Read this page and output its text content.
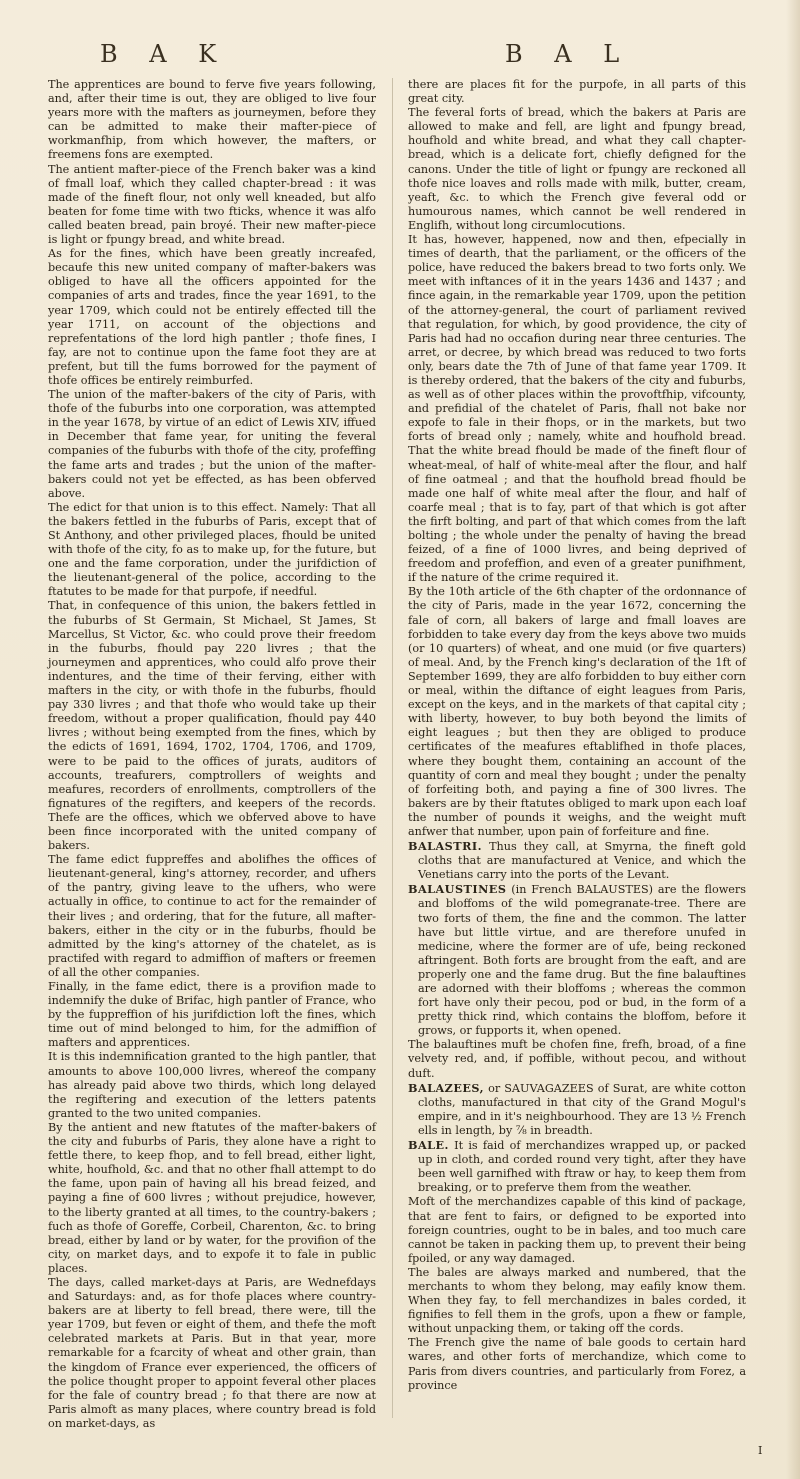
B A K	B A L

The apprentices are bound to ferve five years following, and, after their time is out, they are obliged to live four years more with the mafters as journeymen, before they can be admitted to make their mafter-piece of workmanfhip, from which however, the mafters, or freemens fons are exempted.

The antient mafter-piece of the French baker was a kind of fmall loaf, which they called chapter-bread : it was made of the fineft flour, not only well kneaded, but alfo beaten for fome time with two fticks, whence it was alfo called beaten bread, pain broyé. Their new mafter-piece is light or fpungy bread, and white bread.

As for the fines, which have been greatly increafed, becaufe this new united company of mafter-bakers was obliged to have all the officers appointed for the companies of arts and trades, fince the year 1691, to the year 1709, which could not be entirely effected till the year 1711, on account of the objections and reprefentations of the lord high pantler ; thofe fines, I fay, are not to continue upon the fame foot they are at prefent, but till the fums borrowed for the payment of thofe offices be entirely reimburfed.

The union of the mafter-bakers of the city of Paris, with thofe of the fuburbs into one corporation, was attempted in the year 1678, by virtue of an edict of Lewis XIV, iffued in December that fame year, for uniting the feveral companies of the fuburbs with thofe of the city, profeffing the fame arts and trades ; but the union of the mafter-bakers could not yet be effected, as has been obferved above.

The edict for that union is to this effect. Namely: That all the bakers fettled in the fuburbs of Paris, except that of St Anthony, and other privileged places, fhould be united with thofe of the city, fo as to make up, for the future, but one and the fame corporation, under the jurifdiction of the lieutenant-general of the police, according to the ftatutes to be made for that purpofe, if needful.

That, in confequence of this union, the bakers fettled in the fuburbs of St Germain, St Michael, St James, St Marcellus, St Victor, &c. who could prove their freedom in the fuburbs, fhould pay 220 livres ; that the journeymen and apprentices, who could alfo prove their indentures, and the time of their ferving, either with mafters in the city, or with thofe in the fuburbs, fhould pay 330 livres ; and that thofe who would take up their freedom, without a proper qualification, fhould pay 440 livres ; without being exempted from the fines, which by the edicts of 1691, 1694, 1702, 1704, 1706, and 1709, were to be paid to the offices of jurats, auditors of accounts, treafurers, comptrollers of weights and meafures, recorders of enrollments, comptrollers of the fignatures of the regifters, and keepers of the records. Thefe are the offices, which we obferved above to have been fince incorporated with the united company of bakers.

The fame edict fuppreffes and abolifhes the offices of lieutenant-general, king's attorney, recorder, and ufhers of the pantry, giving leave to the ufhers, who were actually in office, to continue to act for the remainder of their lives ; and ordering, that for the future, all mafter-bakers, either in the city or in the fuburbs, fhould be admitted by the king's attorney of the chatelet, as is practifed with regard to admiffion of mafters or freemen of all the other companies.

Finally, in the fame edict, there is a provifion made to indemnify the duke of Brifac, high pantler of France, who by the fuppreffion of his jurifdiction loft the fines, which time out of mind belonged to him, for the admiffion of mafters and apprentices.

It is this indemnification granted to the high pantler, that amounts to above 100,000 livres, whereof the company has already paid above two thirds, which long delayed the regiftering and execution of the letters patents granted to the two united companies.

By the antient and new ftatutes of the mafter-bakers of the city and fuburbs of Paris, they alone have a right to fettle there, to keep fhop, and to fell bread, either light, white, houfhold, &c. and that no other fhall attempt to do the fame, upon pain of having all his bread feized, and paying a fine of 600 livres ; without prejudice, however, to the liberty granted at all times, to the country-bakers ; fuch as thofe of Goreffe, Corbeil, Charenton, &c. to bring bread, either by land or by water, for the provifion of the city, on market days, and to expofe it to fale in public places.

The days, called market-days at Paris, are Wednefdays and Saturdays: and, as for thofe places where country-bakers are at liberty to fell bread, there were, till the year 1709, but feven or eight of them, and thefe the moft celebrated markets at Paris. But in that year, more remarkable for a fcarcity of wheat and other grain, than the kingdom of France ever experienced, the officers of the police thought proper to appoint feveral other places for the fale of country bread ; fo that there are now at Paris almoft as many places, where country bread is fold on market-days, as

there are places fit for the purpofe, in all parts of this great city.

The feveral forts of bread, which the bakers at Paris are allowed to make and fell, are light and fpungy bread, houfhold and white bread, and what they call chapter-bread, which is a delicate fort, chiefly defigned for the canons. Under the title of light or fpungy are reckoned all thofe nice loaves and rolls made with milk, butter, cream, yeaft, &c. to which the French give feveral odd or humourous names, which cannot be well rendered in Englifh, without long circumlocutions.

It has, however, happened, now and then, efpecially in times of dearth, that the parliament, or the officers of the police, have reduced the bakers bread to two forts only. We meet with inftances of it in the years 1436 and 1437 ; and fince again, in the remarkable year 1709, upon the petition of the attorney-general, the court of parliament revived that regulation, for which, by good providence, the city of Paris had had no occafion during near three centuries. The arret, or decree, by which bread was reduced to two forts only, bears date the 7th of June of that fame year 1709. It is thereby ordered, that the bakers of the city and fuburbs, as well as of other places within the provoftfhip, vifcounty, and prefidial of the chatelet of Paris, fhall not bake nor expofe to fale in their fhops, or in the markets, but two forts of bread only ; namely, white and houfhold bread. That the white bread fhould be made of the fineft flour of wheat-meal, of half of white-meal after the flour, and half of fine oatmeal ; and that the houfhold bread fhould be made one half of white meal after the flour, and half of coarfe meal ; that is to fay, part of that which is got after the firft bolting, and part of that which comes from the laft bolting ; the whole under the penalty of having the bread feized, of a fine of 1000 livres, and being deprived of freedom and profeffion, and even of a greater punifhment, if the nature of the crime required it.

By the 10th article of the 6th chapter of the ordonnance of the city of Paris, made in the year 1672, concerning the fale of corn, all bakers of large and fmall loaves are forbidden to take every day from the keys above two muids (or 10 quarters) of wheat, and one muid (or five quarters) of meal. And, by the French king's declaration of the 1ft of September 1699, they are alfo forbidden to buy either corn or meal, within the diftance of eight leagues from Paris, except on the keys, and in the markets of that capital city ; with liberty, however, to buy both beyond the limits of eight leagues ; but then they are obliged to produce certificates of the meafures eftablifhed in thofe places, where they bought them, containing an account of the quantity of corn and meal they bought ; under the penalty of forfeiting both, and paying a fine of 300 livres. The bakers are by their ftatutes obliged to mark upon each loaf the number of pounds it weighs, and the weight muft anfwer that number, upon pain of forfeiture and fine.

BALASTRI. Thus they call, at Smyrna, the fineft gold cloths that are manufactured at Venice, and which the Venetians carry into the ports of the Levant.

BALAUSTINES (in French BALAUSTES) are the flowers and bloffoms of the wild pomegranate-tree. There are two forts of them, the fine and the common. The latter have but little virtue, and are therefore unufed in medicine, where the former are of ufe, being reckoned aftringent. Both forts are brought from the eaft, and are properly one and the fame drug. But the fine balauftines are adorned with their bloffoms ; whereas the common fort have only their pecou, pod or bud, in the form of a pretty thick rind, which contains the bloffom, before it grows, or fupports it, when opened.

The balauftines muft be chofen fine, frefh, broad, of a fine velvety red, and, if poffible, without pecou, and without duft.

BALAZEES, or SAUVAGAZEES of Surat, are white cotton cloths, manufactured in that city of the Grand Mogul's empire, and in it's neighbourhood. They are 13 ½ French ells in length, by ⅞ in breadth.

BALE. It is faid of merchandizes wrapped up, or packed up in cloth, and corded round very tight, after they have been well garnifhed with ftraw or hay, to keep them from breaking, or to preferve them from the weather.

Moft of the merchandizes capable of this kind of package, that are fent to fairs, or defigned to be exported into foreign countries, ought to be in bales, and too much care cannot be taken in packing them up, to prevent their being fpoiled, or any way damaged.

The bales are always marked and numbered, that the merchants to whom they belong, may eafily know them. When they fay, to fell merchandizes in bales corded, it fignifies to fell them in the grofs, upon a fhew or fample, without unpacking them, or taking off the cords.

The French give the name of bale goods to certain hard wares, and other forts of merchandize, which come to Paris from divers countries, and particularly from Forez, a province

I
